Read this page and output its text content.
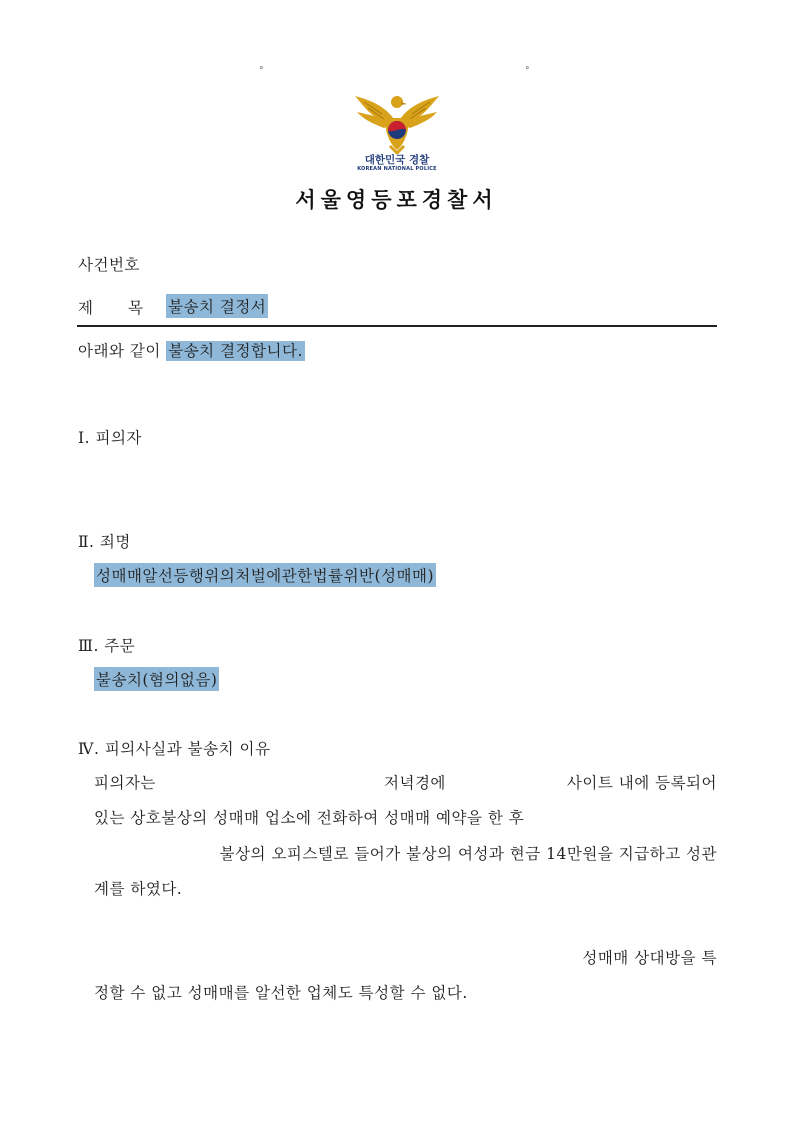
°	°
대한민국 경찰
KOREAN NATIONAL POLICE
서울영등포경찰서
사건번호
제 목 불송치 결정서
아래와 같이 불송치 결정합니다.
Ⅰ. 피의자
Ⅱ. 죄명
성매매알선등행위의처벌에관한법률위반(성매매)
Ⅲ. 주문
불송치(혐의없음)
Ⅳ. 피의사실과 불송치 이유
피의자는	저녁경에	사이트 내에 등록되어
있는 상호불상의 성매매 업소에 전화하여 성매매 예약을 한 후
불상의 오피스텔로 들어가 불상의 여성과 현금 14만원을 지급하고 성관
계를 하였다.
성매매 상대방을 특
정할 수 없고 성매매를 알선한 업체도 특성할 수 없다.
